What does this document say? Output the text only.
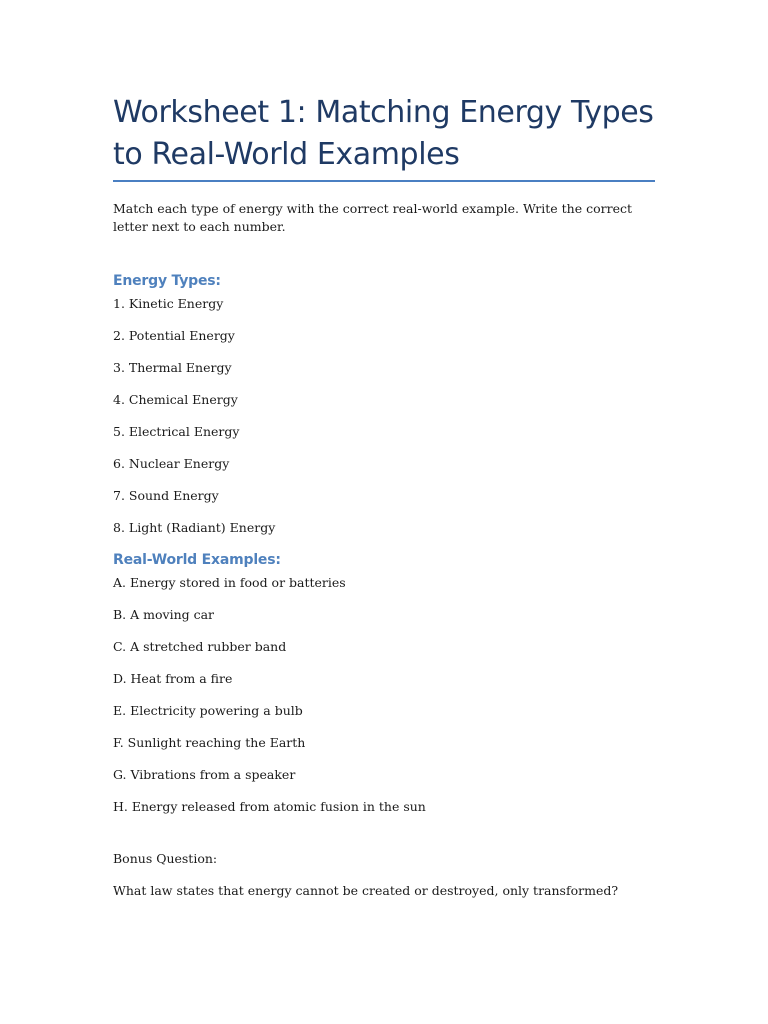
Worksheet 1: Matching Energy Types to Real-World Examples

Match each type of energy with the correct real-world example. Write the correct letter next to each number.

Energy Types:

1. Kinetic Energy

2. Potential Energy

3. Thermal Energy

4. Chemical Energy

5. Electrical Energy

6. Nuclear Energy

7. Sound Energy

8. Light (Radiant) Energy

Real-World Examples:

A. Energy stored in food or batteries

B. A moving car

C. A stretched rubber band

D. Heat from a fire

E. Electricity powering a bulb

F. Sunlight reaching the Earth

G. Vibrations from a speaker

H. Energy released from atomic fusion in the sun

Bonus Question:

What law states that energy cannot be created or destroyed, only transformed?
